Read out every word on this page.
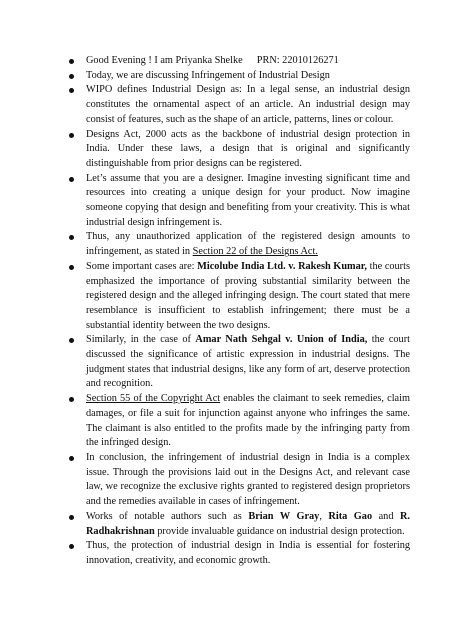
Good Evening ! I am Priyanka Shelke PRN: 22010126271
Today, we are discussing Infringement of Industrial Design
WIPO defines Industrial Design as: In a legal sense, an industrial design constitutes the ornamental aspect of an article. An industrial design may consist of features, such as the shape of an article, patterns, lines or colour.
Designs Act, 2000 acts as the backbone of industrial design protection in India. Under these laws, a design that is original and significantly distinguishable from prior designs can be registered.
Let’s assume that you are a designer. Imagine investing significant time and resources into creating a unique design for your product. Now imagine someone copying that design and benefiting from your creativity. This is what industrial design infringement is.
Thus, any unauthorized application of the registered design amounts to infringement, as stated in Section 22 of the Designs Act.
Some important cases are: Micolube India Ltd. v. Rakesh Kumar, the courts emphasized the importance of proving substantial similarity between the registered design and the alleged infringing design. The court stated that mere resemblance is insufficient to establish infringement; there must be a substantial identity between the two designs.
Similarly, in the case of Amar Nath Sehgal v. Union of India, the court discussed the significance of artistic expression in industrial designs. The judgment states that industrial designs, like any form of art, deserve protection and recognition.
Section 55 of the Copyright Act enables the claimant to seek remedies, claim damages, or file a suit for injunction against anyone who infringes the same. The claimant is also entitled to the profits made by the infringing party from the infringed design.
In conclusion, the infringement of industrial design in India is a complex issue. Through the provisions laid out in the Designs Act, and relevant case law, we recognize the exclusive rights granted to registered design proprietors and the remedies available in cases of infringement.
Works of notable authors such as Brian W Gray, Rita Gao and R. Radhakrishnan provide invaluable guidance on industrial design protection.
Thus, the protection of industrial design in India is essential for fostering innovation, creativity, and economic growth.
